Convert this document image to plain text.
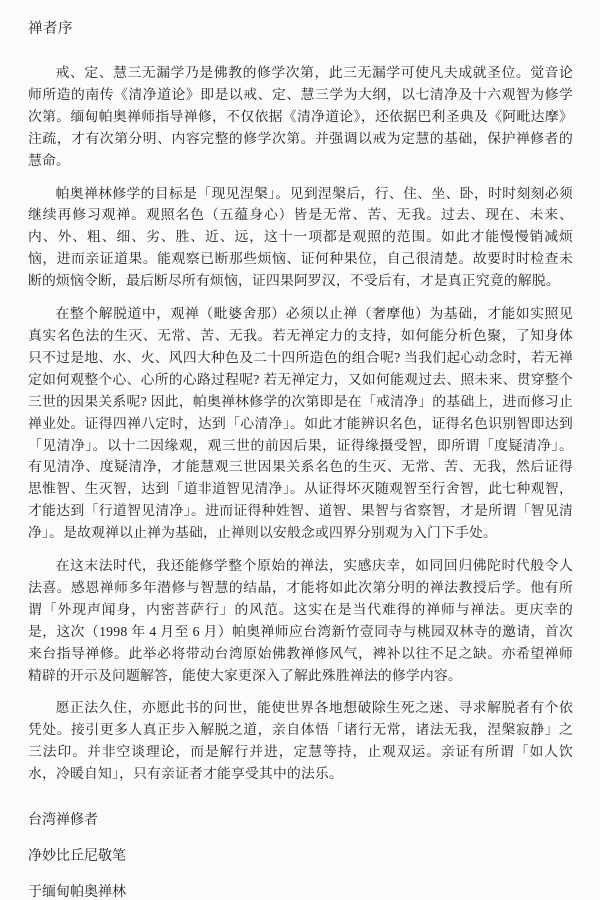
禅者序

戒、定、慧三无漏学乃是佛教的修学次第，此三无漏学可使凡夫成就圣位。觉音论师所造的南传《清净道论》即是以戒、定、慧三学为大纲，以七清净及十六观智为修学次第。缅甸帕奥禅师指导禅修，不仅依据《清净道论》，还依据巴利圣典及《阿毗达摩》注疏，才有次第分明、内容完整的修学次第。并强调以戒为定慧的基础，保护禅修者的慧命。

帕奥禅林修学的目标是「现见涅槃」。见到涅槃后，行、住、坐、卧，时时刻刻必须继续再修习观禅。观照名色（五蕴身心）皆是无常、苦、无我。过去、现在、未来、内、外、粗、细、劣、胜、近、远，这十一项都是观照的范围。如此才能慢慢销减烦恼，进而亲证道果。能观察已断那些烦恼、证何种果位，自己很清楚。故要时时检查未断的烦恼令断，最后断尽所有烦恼，证四果阿罗汉，不受后有，才是真正究竟的解脱。

在整个解脱道中，观禅（毗婆舍那）必须以止禅（奢摩他）为基础，才能如实照见真实名色法的生灭、无常、苦、无我。若无禅定力的支持，如何能分析色聚，了知身体只不过是地、水、火、风四大种色及二十四所造色的组合呢? 当我们起心动念时，若无禅定如何观整个心、心所的心路过程呢? 若无禅定力，又如何能观过去、照未来、贯穿整个三世的因果关系呢? 因此，帕奥禅林修学的次第即是在「戒清净」的基础上，进而修习止禅业处。证得四禅八定时，达到「心清净」。如此才能辨识名色，证得名色识别智即达到「见清净」。以十二因缘观，观三世的前因后果，证得缘摄受智，即所谓「度疑清净」。有见清净、度疑清净，才能慧观三世因果关系名色的生灭、无常、苦、无我，然后证得思惟智、生灭智，达到「道非道智见清净」。从证得坏灭随观智至行舍智，此七种观智，才能达到「行道智见清净」。进而证得种姓智、道智、果智与省察智，才是所谓「智见清净」。是故观禅以止禅为基础，止禅则以安般念或四界分别观为入门下手处。

在这末法时代，我还能修学整个原始的禅法，实感庆幸，如同回归佛陀时代般令人法喜。感恩禅师多年潜修与智慧的结晶，才能将如此次第分明的禅法教授后学。他有所谓「外现声闻身，内密菩萨行」的风范。这实在是当代难得的禅师与禅法。更庆幸的是，这次（1998 年 4 月至 6 月）帕奥禅师应台湾新竹壹同寺与桃园双林寺的邀请，首次来台指导禅修。此举必将带动台湾原始佛教禅修风气，裨补以往不足之缺。亦希望禅师精辟的开示及问题解答，能使大家更深入了解此殊胜禅法的修学内容。

愿正法久住，亦愿此书的问世，能使世界各地想破除生死之迷、寻求解脱者有个依凭处。接引更多人真正步入解脱之道，亲自体悟「诸行无常，诸法无我，涅槃寂静」之三法印。并非空谈理论，而是解行并进，定慧等持，止观双运。亲证有所谓「如人饮水，冷暖自知」，只有亲证者才能享受其中的法乐。

台湾禅修者

净妙比丘尼敬笔

于缅甸帕奥禅林
